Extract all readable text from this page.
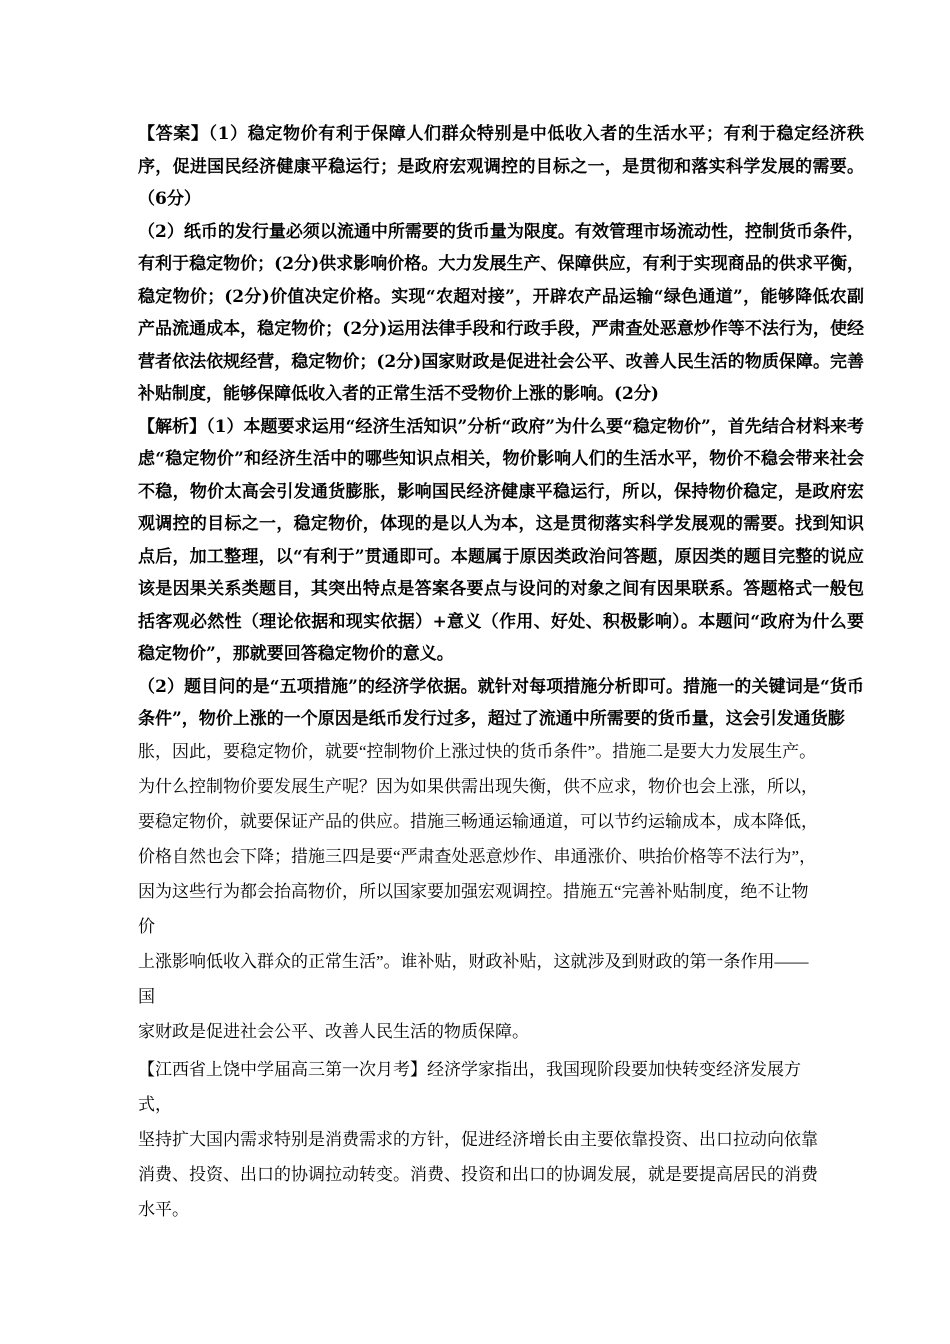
【答案】（1）稳定物价有利于保障人们群众特别是中低收入者的生活水平；有利于稳定经济秩序，促进国民经济健康平稳运行；是政府宏观调控的目标之一，是贯彻和落实科学发展的需要。（6分）

（2）纸币的发行量必须以流通中所需要的货币量为限度。有效管理市场流动性，控制货币条件，有利于稳定物价；(2分)供求影响价格。大力发展生产、保障供应，有利于实现商品的供求平衡，稳定物价；(2分)价值决定价格。实现“农超对接”，开辟农产品运输“绿色通道”，能够降低农副产品流通成本，稳定物价；(2分)运用法律手段和行政手段，严肃查处恶意炒作等不法行为，使经营者依法依规经营，稳定物价；(2分)国家财政是促进社会公平、改善人民生活的物质保障。完善补贴制度，能够保障低收入者的正常生活不受物价上涨的影响。(2分)

【解析】（1）本题要求运用“经济生活知识”分析“政府”为什么要“稳定物价”，首先结合材料来考虑“稳定物价”和经济生活中的哪些知识点相关，物价影响人们的生活水平，物价不稳会带来社会不稳，物价太高会引发通货膨胀，影响国民经济健康平稳运行，所以，保持物价稳定，是政府宏观调控的目标之一，稳定物价，体现的是以人为本，这是贯彻落实科学发展观的需要。找到知识点后，加工整理，以“有利于”贯通即可。本题属于原因类政治问答题，原因类的题目完整的说应该是因果关系类题目，其突出特点是答案各要点与设问的对象之间有因果联系。答题格式一般包括客观必然性（理论依据和现实依据）+意义（作用、好处、积极影响）。本题问“政府为什么要稳定物价”，那就要回答稳定物价的意义。

（2）题目问的是“五项措施”的经济学依据。就针对每项措施分析即可。措施一的关键词是“货币条件”，物价上涨的一个原因是纸币发行过多，超过了流通中所需要的货币量，这会引发通货膨

胀，因此，要稳定物价，就要“控制物价上涨过快的货币条件”。措施二是要大力发展生产。

为什么控制物价要发展生产呢？因为如果供需出现失衡，供不应求，物价也会上涨，所以，

要稳定物价，就要保证产品的供应。措施三畅通运输通道，可以节约运输成本，成本降低，

价格自然也会下降；措施三四是要“严肃查处恶意炒作、串通涨价、哄抬价格等不法行为”，

因为这些行为都会抬高物价，所以国家要加强宏观调控。措施五“完善补贴制度，绝不让物价

上涨影响低收入群众的正常生活”。谁补贴，财政补贴，这就涉及到财政的第一条作用——国

家财政是促进社会公平、改善人民生活的物质保障。

【江西省上饶中学届高三第一次月考】经济学家指出，我国现阶段要加快转变经济发展方式，

坚持扩大国内需求特别是消费需求的方针，促进经济增长由主要依靠投资、出口拉动向依靠

消费、投资、出口的协调拉动转变。消费、投资和出口的协调发展，就是要提高居民的消费

水平。
